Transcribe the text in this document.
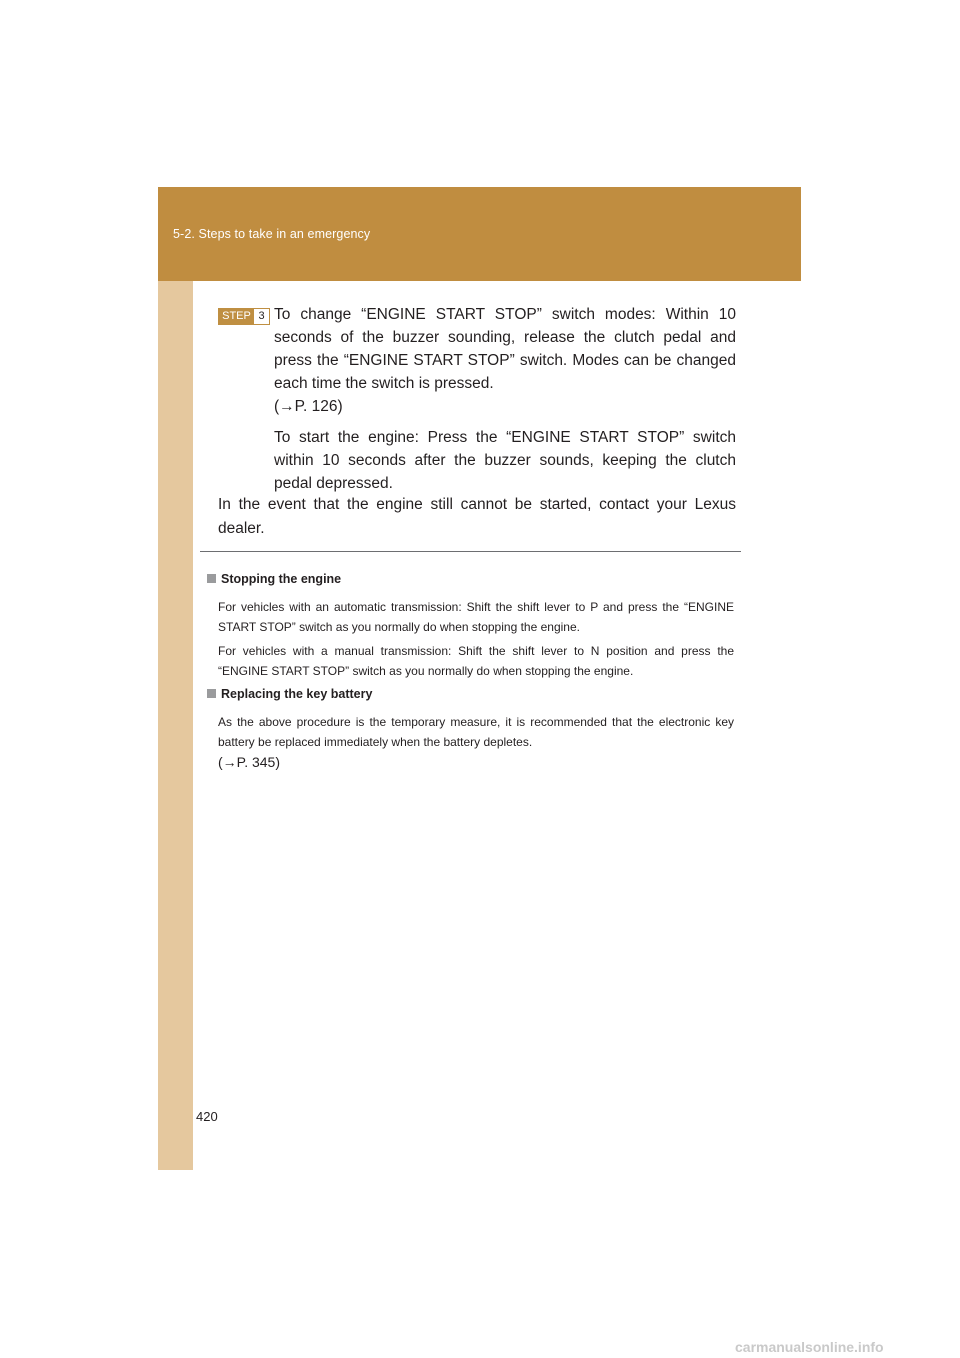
5-2. Steps to take in an emergency
STEP 3 To change “ENGINE START STOP” switch modes: Within 10 seconds of the buzzer sounding, release the clutch pedal and press the “ENGINE START STOP” switch. Modes can be changed each time the switch is pressed.
(→P. 126)

To start the engine: Press the “ENGINE START STOP” switch within 10 seconds after the buzzer sounds, keeping the clutch pedal depressed.

In the event that the engine still cannot be started, contact your Lexus dealer.
Stopping the engine

For vehicles with an automatic transmission: Shift the shift lever to P and press the “ENGINE START STOP” switch as you normally do when stopping the engine.

For vehicles with a manual transmission: Shift the shift lever to N position and press the “ENGINE START STOP” switch as you normally do when stopping the engine.

Replacing the key battery

As the above procedure is the temporary measure, it is recommended that the electronic key battery be replaced immediately when the battery depletes.

(→P. 345)

420
carmanualsonline.info
